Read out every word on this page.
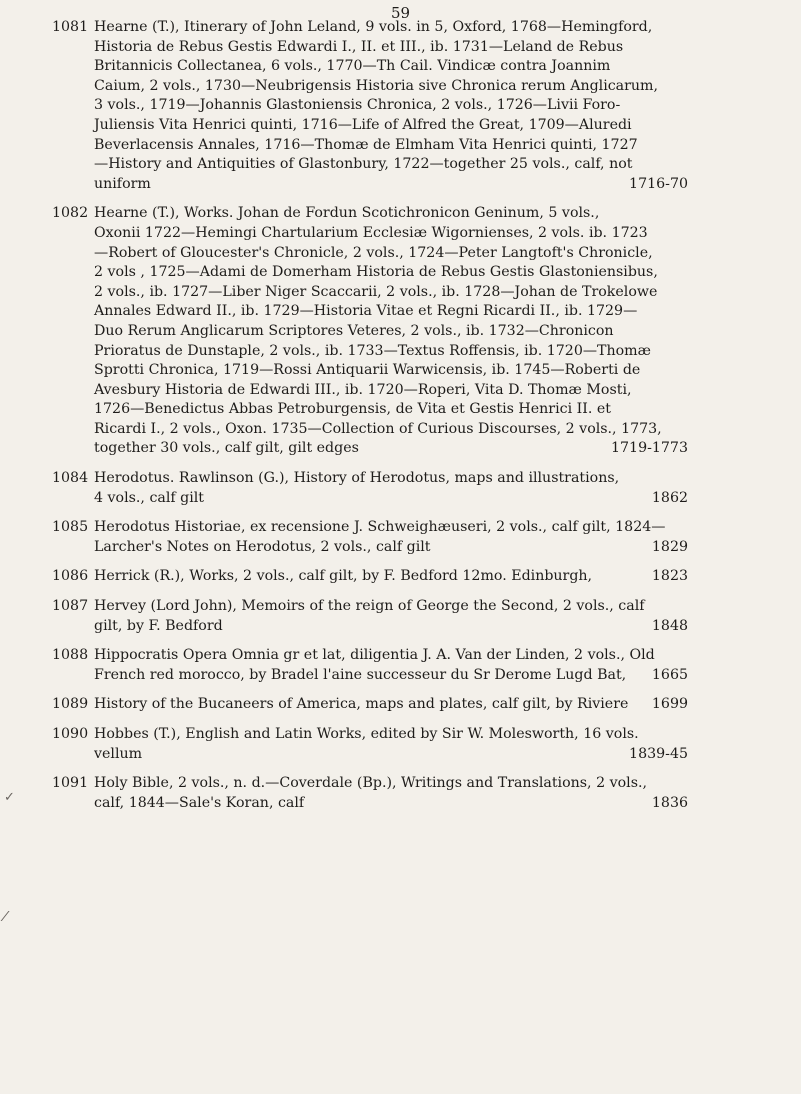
59
1081 Hearne (T.), Itinerary of John Leland, 9 vols. in 5, Oxford, 1768—Hemingford,
Historia de Rebus Gestis Edwardi I., II. et III., ib. 1731—Leland de Rebus
Britannicis Collectanea, 6 vols., 1770—Th Cail. Vindicæ contra Joannim
Caium, 2 vols., 1730—Neubrigensis Historia sive Chronica rerum Anglicarum,
3 vols., 1719—Johannis Glastoniensis Chronica, 2 vols., 1726—Livii Foro-
Juliensis Vita Henrici quinti, 1716—Life of Alfred the Great, 1709—Aluredi
Beverlacensis Annales, 1716—Thomæ de Elmham Vita Henrici quinti, 1727
—History and Antiquities of Glastonbury, 1722—together 25 vols., calf, not
uniform	1716-70
1082 Hearne (T.), Works. Johan de Fordun Scotichronicon Geninum, 5 vols.,
Oxonii 1722—Hemingi Chartularium Ecclesiæ Wigornienses, 2 vols. ib. 1723
—Robert of Gloucester's Chronicle, 2 vols., 1724—Peter Langtoft's Chronicle,
2 vols , 1725—Adami de Domerham Historia de Rebus Gestis Glastoniensibus,
2 vols., ib. 1727—Liber Niger Scaccarii, 2 vols., ib. 1728—Johan de Trokelowe
Annales Edward II., ib. 1729—Historia Vitae et Regni Ricardi II., ib. 1729—
Duo Rerum Anglicarum Scriptores Veteres, 2 vols., ib. 1732—Chronicon
Prioratus de Dunstaple, 2 vols., ib. 1733—Textus Roffensis, ib. 1720—Thomæ
Sprotti Chronica, 1719—Rossi Antiquarii Warwicensis, ib. 1745—Roberti de
Avesbury Historia de Edwardi III., ib. 1720—Roperi, Vita D. Thomæ Mosti,
1726—Benedictus Abbas Petroburgensis, de Vita et Gestis Henrici II. et
Ricardi I., 2 vols., Oxon. 1735—Collection of Curious Discourses, 2 vols., 1773,
together 30 vols., calf gilt, gilt edges	1719-1773
1084 Herodotus. Rawlinson (G.), History of Herodotus, maps and illustrations,
4 vols., calf gilt	1862
1085 Herodotus Historiae, ex recensione J. Schweighæuseri, 2 vols., calf gilt, 1824—
Larcher's Notes on Herodotus, 2 vols., calf gilt	1829
1086 Herrick (R.), Works, 2 vols., calf gilt, by F. Bedford 12mo. Edinburgh,	1823
1087 Hervey (Lord John), Memoirs of the reign of George the Second, 2 vols., calf
gilt, by F. Bedford	1848
1088 Hippocratis Opera Omnia gr et lat, diligentia J. A. Van der Linden, 2 vols., Old
French red morocco, by Bradel l'aine successeur du Sr Derome Lugd Bat, 1665
1089 History of the Bucaneers of America, maps and plates, calf gilt, by Riviere 1699
1090 Hobbes (T.), English and Latin Works, edited by Sir W. Molesworth, 16 vols.
vellum	1839-45
1091 Holy Bible, 2 vols., n. d.—Coverdale (Bp.), Writings and Translations, 2 vols.,
calf, 1844—Sale's Koran, calf	1836
✓
⁄
